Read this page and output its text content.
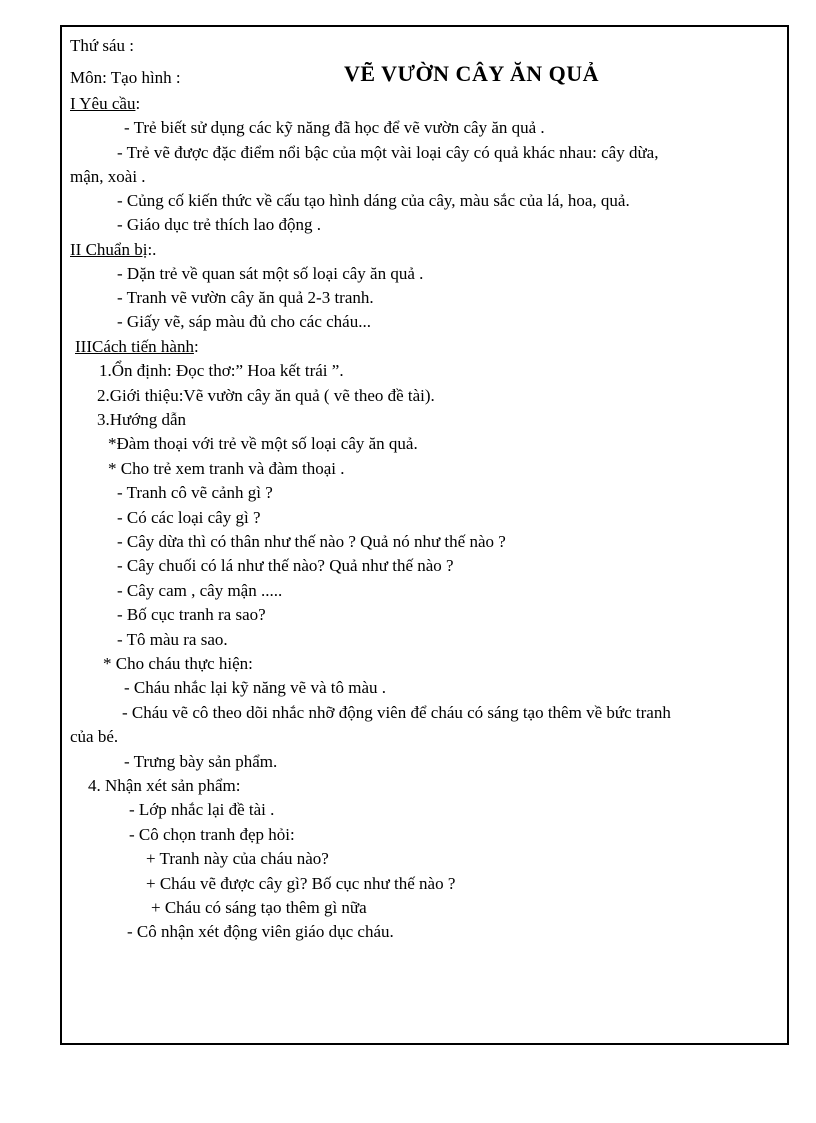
Thứ sáu :
Môn: Tạo hình :	VẼ VƯỜN CÂY ĂN QUẢ
I Yêu cầu:
- Trẻ biết sử dụng các kỹ năng đã học để vẽ vườn cây ăn quả .
- Trẻ vẽ được đặc điểm nổi bậc của một vài loại cây có quả khác nhau: cây dừa,
mận, xoài .
- Củng cố kiến thức về cấu tạo hình dáng của cây, màu sắc của lá, hoa, quả.
- Giáo dục trẻ thích lao động .
II Chuẩn bị:.
- Dặn trẻ về quan sát một số loại cây ăn quả .
- Tranh vẽ vườn cây ăn quả 2-3 tranh.
- Giấy vẽ, sáp màu đủ cho các cháu...
IIICách tiến hành:
1.Ổn định: Đọc thơ:” Hoa kết trái ”.
2.Giới thiệu:Vẽ vườn cây ăn quả ( vẽ theo đề tài).
3.Hướng dẫn
*Đàm thoại với trẻ về một số loại cây ăn quả.
* Cho trẻ xem tranh và đàm thoại .
- Tranh cô vẽ cảnh gì ?
- Có các loại cây gì ?
- Cây dừa thì có thân như thế nào ? Quả nó như thế nào ?
- Cây chuối có lá như thế nào? Quả như thế nào ?
- Cây cam , cây mận .....
- Bố cục tranh ra sao?
- Tô màu ra sao.
* Cho cháu thực hiện:
- Cháu nhắc lại kỹ năng vẽ và tô màu .
- Cháu vẽ cô theo dõi nhắc nhỡ động viên để cháu có sáng tạo thêm về bức tranh
của bé.
- Trưng bày sản phẩm.
4. Nhận xét sản phẩm:
- Lớp nhắc lại đề tài .
- Cô chọn tranh đẹp hỏi:
+ Tranh này của cháu nào?
+ Cháu vẽ được cây gì? Bố cục như thế nào ?
+ Cháu có sáng tạo thêm gì nữa
- Cô nhận xét động viên giáo dục cháu.
